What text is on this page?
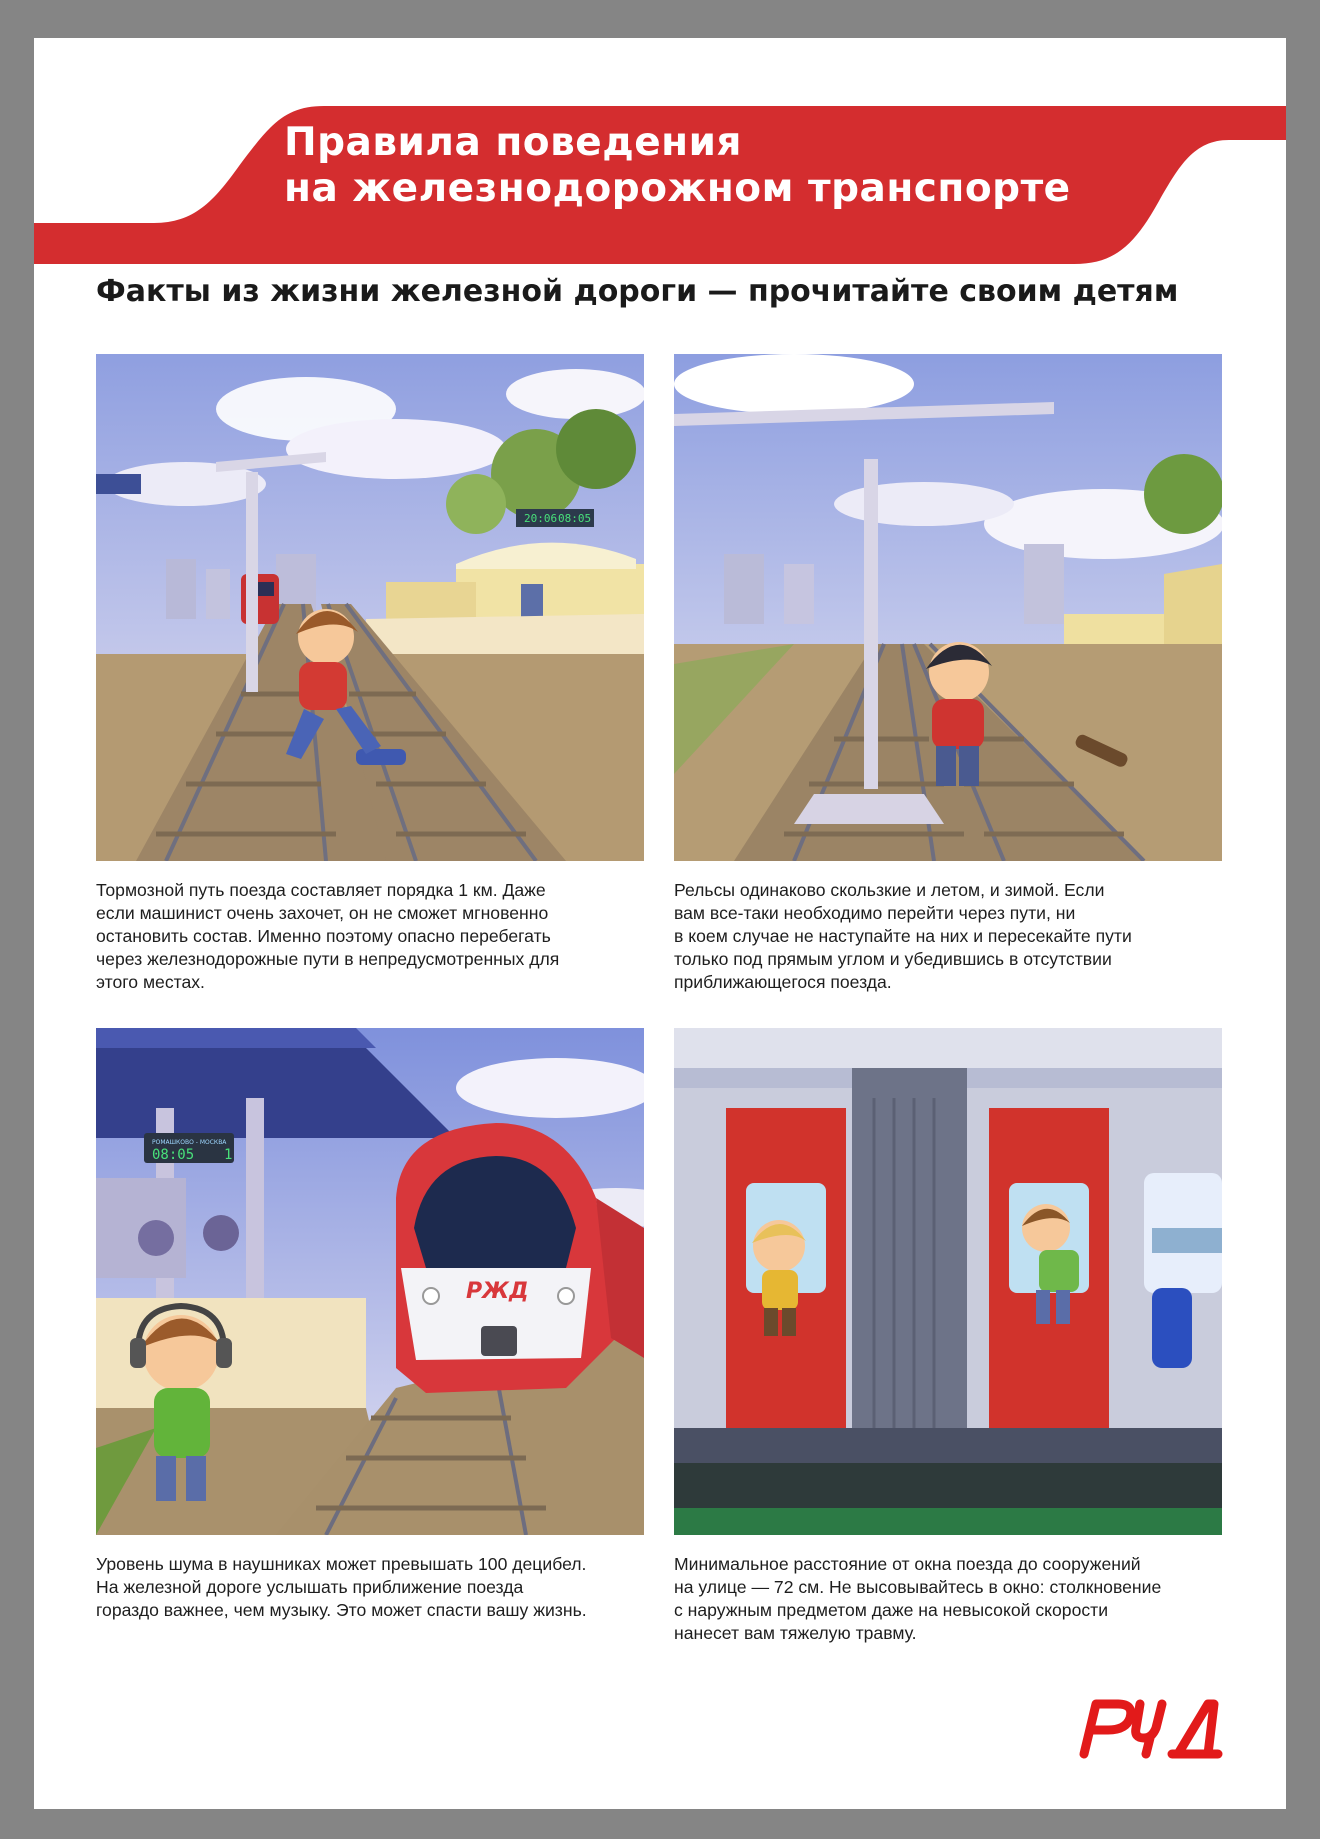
Правила поведения
на железнодорожном транспорте
Факты из жизни железной дороги — прочитайте своим детям
20:06 08:05
Тормозной путь поезда составляет порядка 1 км. Даже
если машинист очень захочет, он не сможет мгновенно
остановить состав. Именно поэтому опасно перебегать
через железнодорожные пути в непредусмотренных для
этого местах.
Рельсы одинаково скользкие и летом, и зимой. Если
вам все-таки необходимо перейти через пути, ни
в коем случае не наступайте на них и пересекайте пути
только под прямым углом и убедившись в отсутствии
приближающегося поезда.
РОМАШКОВО - МОСКВА
08:05 1
РЖД
Уровень шума в наушниках может превышать 100 децибел.
На железной дороге услышать приближение поезда
гораздо важнее, чем музыку. Это может спасти вашу жизнь.
Минимальное расстояние от окна поезда до сооружений
на улице — 72 см. Не высовывайтесь в окно: столкновение
с наружным предметом даже на невысокой скорости
нанесет вам тяжелую травму.
